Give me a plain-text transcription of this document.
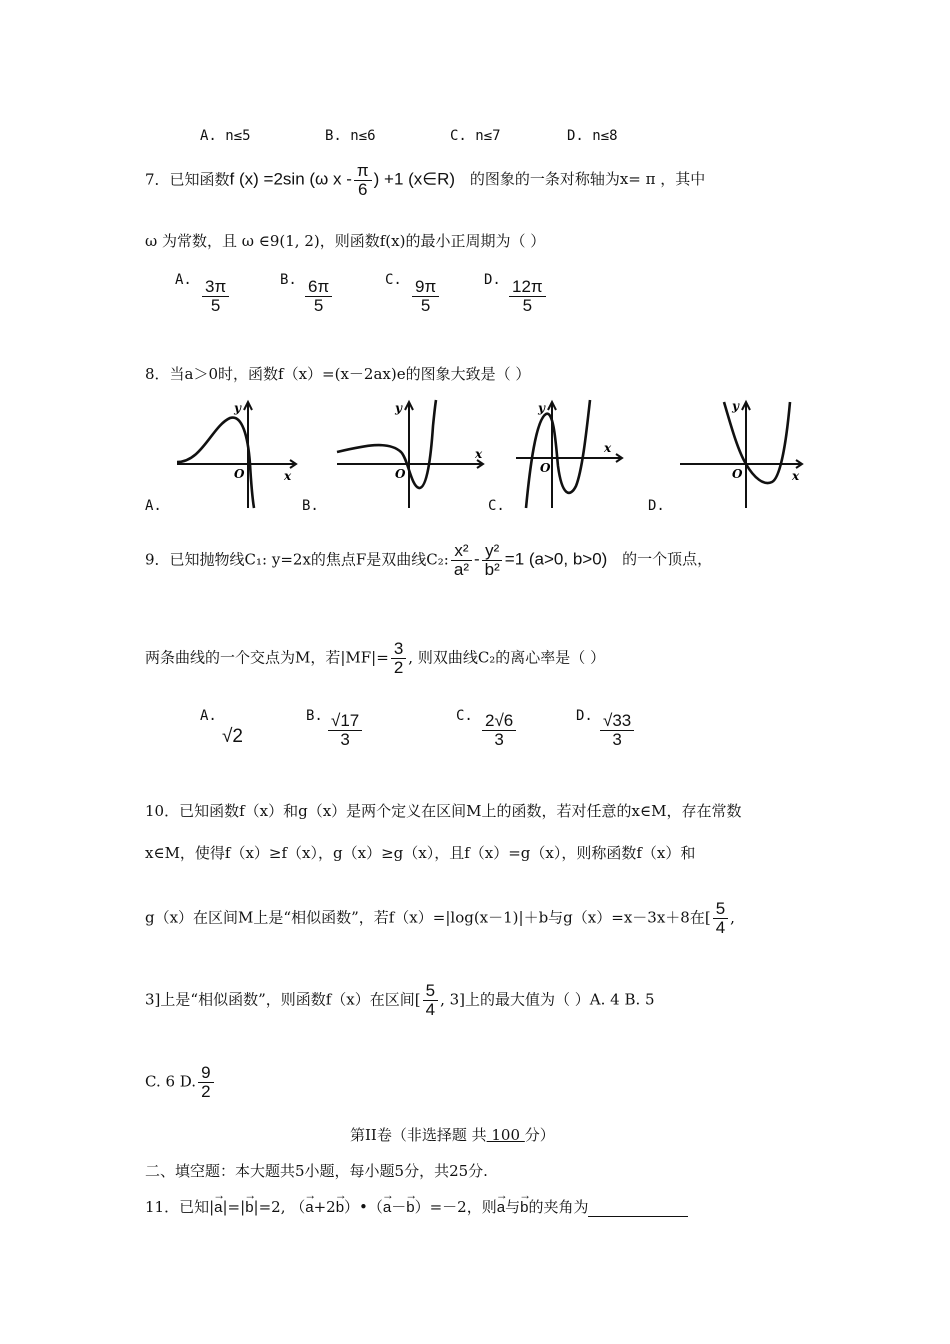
A. n≤5	B. n≤6	C. n≤7	D. n≤8
7．已知函数f (x) =2sin (ω x - $\frac{\pi}{6}$ ) +1 (x∈R) 的图象的一条对称轴为x= π ，其中
ω 为常数，且 ω ∈9(1, 2)，则函数f(x)的最小正周期为（ ）
A. $\frac{3\pi}{5}$	B. $\frac{6\pi}{5}$	C. $\frac{9\pi}{5}$	D. $\frac{12\pi}{5}$
8．当a＞0时，函数f（x）=(x－2ax)e的图象大致是（ ）
y
O	x
y
O
x
y
O
x
y
O	x
A.	B.	C.	D.
9．已知抛物线C₁: y=2x的焦点F是双曲线C₂: $\frac{\text{x²}}{\text{a²}} - \frac{\text{y²}}{\text{b²}} =1$ (a>0, b>0) 的一个顶点，
两条曲线的一个交点为M，若$|MF|= \frac{3}{2}$ , 则双曲线C₂的离心率是（ ）
A.
√2
B. $\frac{√17}{3}$	C. $\frac{2√6}{3}$	D. $\frac{√33}{3}$
10．已知函数f（x）和g（x）是两个定义在区间M上的函数，若对任意的x∈M，存在常数
x∈M，使得f（x）≥f（x），g（x）≥g（x），且f（x）=g（x），则称函数f（x）和
g（x）在区间M上是“相似函数”，若f（x）=|log(x－1)|＋b与g（x）=x－3x＋8在[ $\frac{5}{4}$ ,
3]上是“相似函数”，则函数f（x）在区间[ $\frac{5}{4}$ , 3]上的最大值为（ ）A. 4 B. 5
C. 6 D. $\frac{9}{2}$
第II卷（非选择题 共 100 分）
二、填空题：本大题共5小题，每小题5分，共25分.
11．已知|→ a|=|→ b|=2, （→ a+2→ b）•（→ a－→ b）=－2，则→ a与→ b的夹角为
